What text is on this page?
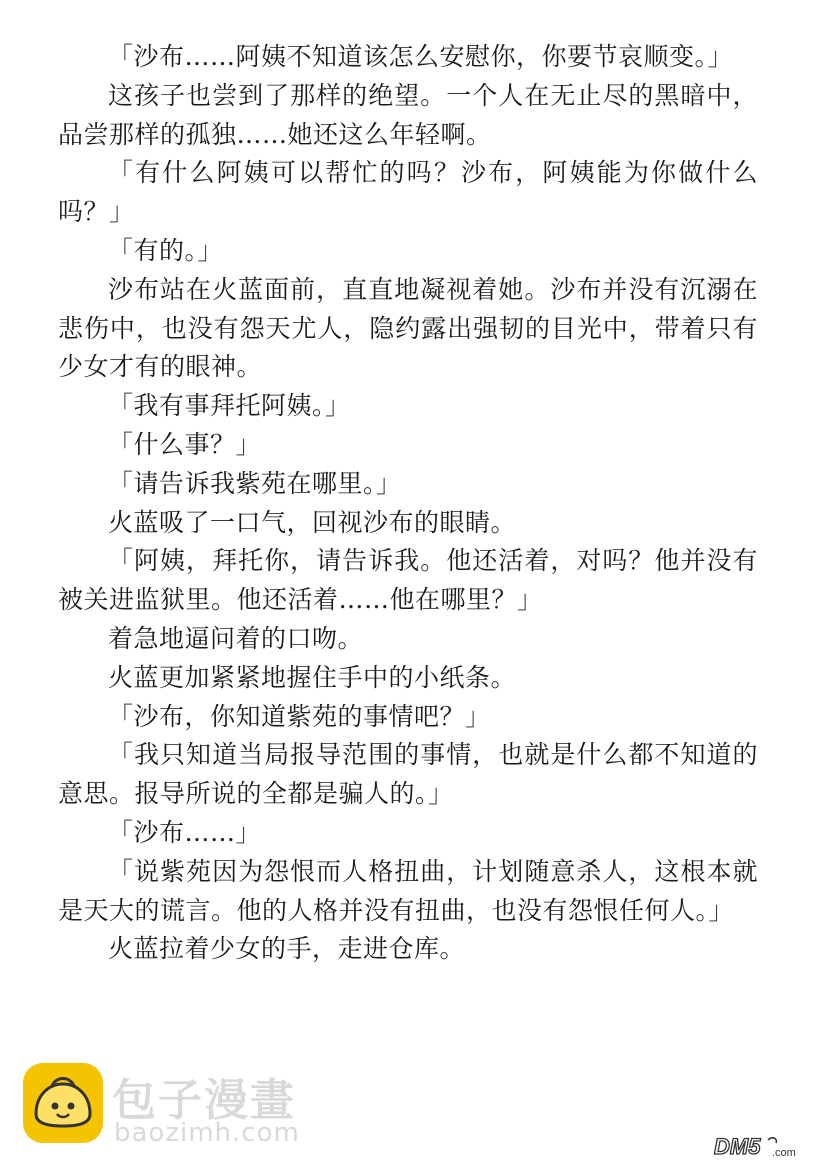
「沙布……阿姨不知道该怎么安慰你，你要节哀顺变。」

这孩子也尝到了那样的绝望。一个人在无止尽的黑暗中，品尝那样的孤独……她还这么年轻啊。

「有什么阿姨可以帮忙的吗？沙布，阿姨能为你做什么吗？」

「有的。」

沙布站在火蓝面前，直直地凝视着她。沙布并没有沉溺在悲伤中，也没有怨天尤人，隐约露出强韧的目光中，带着只有少女才有的眼神。

「我有事拜托阿姨。」

「什么事？」

「请告诉我紫苑在哪里。」

火蓝吸了一口气，回视沙布的眼睛。

「阿姨，拜托你，请告诉我。他还活着，对吗？他并没有被关进监狱里。他还活着……他在哪里？」

着急地逼问着的口吻。

火蓝更加紧紧地握住手中的小纸条。

「沙布，你知道紫苑的事情吧？」

「我只知道当局报导范围的事情，也就是什么都不知道的意思。报导所说的全都是骗人的。」

「沙布……」

「说紫苑因为怨恨而人格扭曲，计划随意杀人，这根本就是天大的谎言。他的人格并没有扭曲，也没有怨恨任何人。」

火蓝拉着少女的手，走进仓库。

包子漫畫
baozimh.com	DM5 .com
